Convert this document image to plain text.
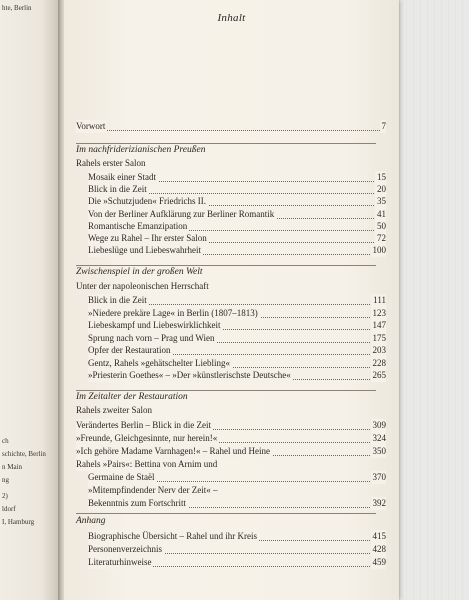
hte, Berlin
ch
schichte, Berlin
n Main
ng
2)
ldorf
I, Hamburg
Inhalt
Vorwort	7
Im nachfriderizianischen Preußen
Rahels erster Salon
Mosaik einer Stadt	15
Blick in die Zeit	20
Die »Schutzjuden« Friedrichs II.	35
Von der Berliner Aufklärung zur Berliner Romantik	41
Romantische Emanzipation	50
Wege zu Rahel – Ihr erster Salon	72
Liebeslüge und Liebeswahrheit	100
Zwischenspiel in der großen Welt
Unter der napoleonischen Herrschaft
Blick in die Zeit	111
»Niedere prekäre Lage« in Berlin (1807–1813)	123
Liebeskampf und Liebeswirklichkeit	147
Sprung nach vorn – Prag und Wien	175
Opfer der Restauration	203
Gentz, Rahels »gehätschelter Liebling«	228
»Priesterin Goethes« – »Der »künstlerischste Deutsche«	265
Im Zeitalter der Restauration
Rahels zweiter Salon
Verändertes Berlin – Blick in die Zeit	309
»Freunde, Gleichgesinnte, nur herein!«	324
»Ich gehöre Madame Varnhagen!« – Rahel und Heine	350
Rahels »Pairs«: Bettina von Arnim und
Germaine de Staël	370
»Mitempfindender Nerv der Zeit« –
Bekenntnis zum Fortschritt	392
Anhang
Biographische Übersicht – Rahel und ihr Kreis	415
Personenverzeichnis	428
Literaturhinweise	459
